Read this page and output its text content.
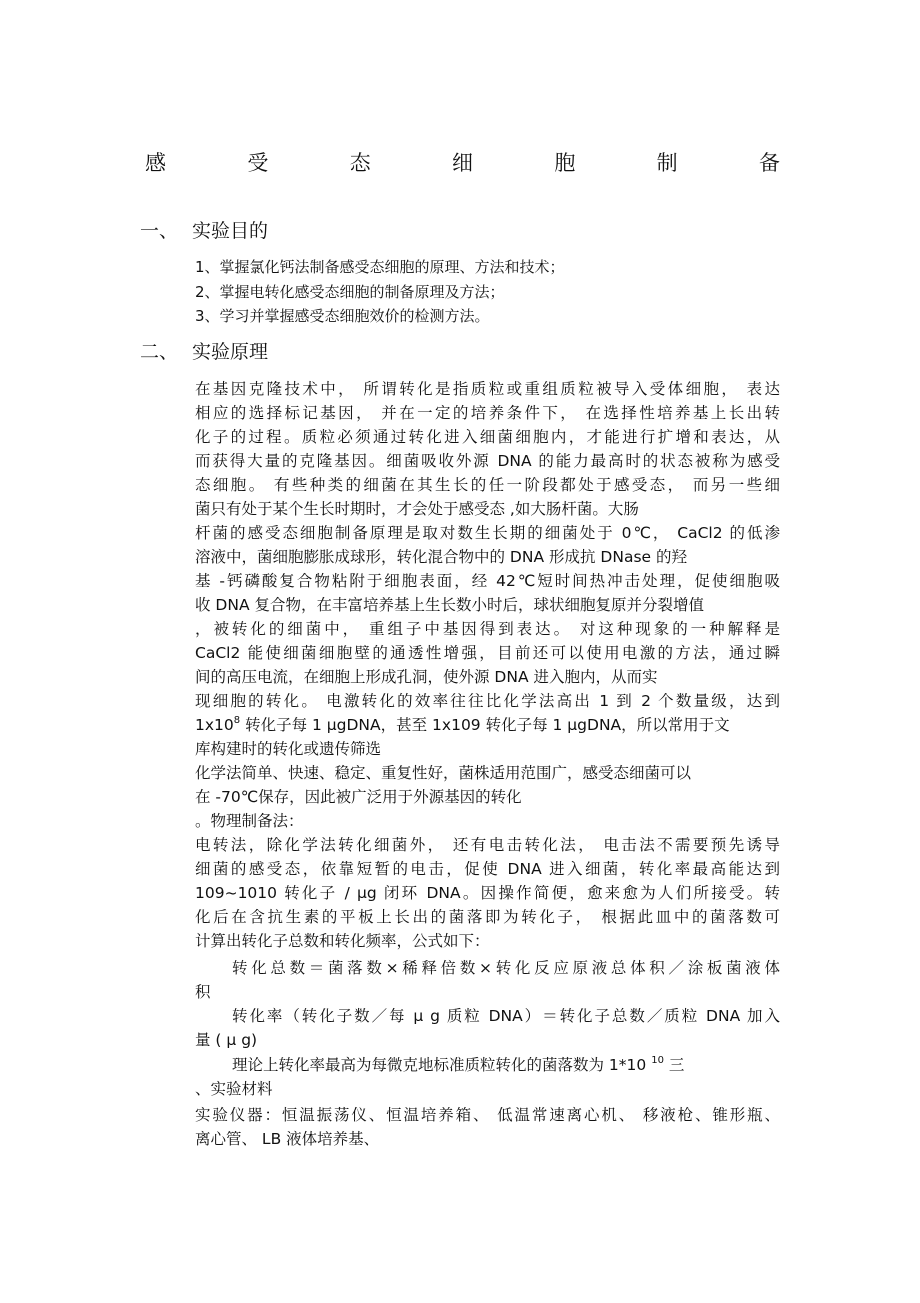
感	受	态	细	胞	制	备
一、 实验目的
1、掌握氯化钙法制备感受态细胞的原理、方法和技术；
2、掌握电转化感受态细胞的制备原理及方法；
3、学习并掌握感受态细胞效价的检测方法。
二、 实验原理
在基因克隆技术中， 所谓转化是指质粒或重组质粒被导入受体细胞， 表达
相应的选择标记基因， 并在一定的培养条件下， 在选择性培养基上长出转
化子的过程。质粒必须通过转化进入细菌细胞内，才能进行扩增和表达，从
而获得大量的克隆基因。细菌吸收外源 DNA 的能力最高时的状态被称为感受
态细胞。 有些种类的细菌在其生长的任一阶段都处于感受态， 而另一些细
菌只有处于某个生长时期时，才会处于感受态 ,如大肠杆菌。大肠
杆菌的感受态细胞制备原理是取对数生长期的细菌处于 0℃， CaCl2 的低渗
溶液中，菌细胞膨胀成球形，转化混合物中的 DNA 形成抗 DNase 的羟
基 -钙磷酸复合物粘附于细胞表面，经 42℃短时间热冲击处理，促使细胞吸
收 DNA 复合物，在丰富培养基上生长数小时后，球状细胞复原并分裂增值
，被转化的细菌中， 重组子中基因得到表达。 对这种现象的一种解释是
CaCl2 能使细菌细胞壁的通透性增强，目前还可以使用电激的方法，通过瞬
间的高压电流，在细胞上形成孔洞，使外源 DNA 进入胞内，从而实
现细胞的转化。 电激转化的效率往往比化学法高出 1 到 2 个数量级，达到
$1x10^8$ 转化子每 1 μgDNA，甚至 1x109 转化子每 1 μgDNA，所以常用于文
库构建时的转化或遗传筛选
化学法简单、快速、稳定、重复性好，菌株适用范围广，感受态细菌可以
在 -70℃保存，因此被广泛用于外源基因的转化
。物理制备法：
电转法，除化学法转化细菌外， 还有电击转化法， 电击法不需要预先诱导
细菌的感受态，依靠短暂的电击，促使 DNA 进入细菌，转化率最高能达到
109~1010 转化子 / μg 闭环 DNA。因操作简便，愈来愈为人们所接受。转
化后在含抗生素的平板上长出的菌落即为转化子， 根据此皿中的菌落数可
计算出转化子总数和转化频率，公式如下：
转化总数＝菌落数×稀释倍数×转化反应原液总体积／涂板菌液体
积
转化率（转化子数／每 μ g 质粒 DNA）＝转化子总数／质粒 DNA 加入
量 ( μ g)
理论上转化率最高为每微克地标准质粒转化的菌落数为 1*10 $^{10}$ 三
、实验材料
实验仪器：恒温振荡仪、恒温培养箱、 低温常速离心机、 移液枪、锥形瓶、
离心管、 LB 液体培养基、
